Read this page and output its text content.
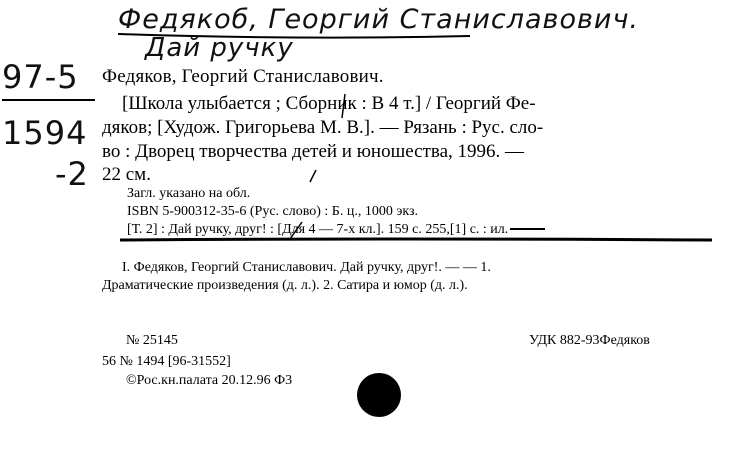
Федякоб, Георгий Станиславович.
Дай ручку
97-5
1594
-2
Федяков, Георгий Станиславович.
[Школа улыбается ; Сборник : В 4 т.] / Георгий Фе-
дяков; [Худож. Григорьева М. В.]. — Рязань : Рус. сло-
во : Дворец творчества детей и юношества, 1996. —
22 см.
Загл. указано на обл.
ISBN 5-900312-35-6 (Рус. слово) : Б. ц., 1000 экз.
[Т. 2] : Дай ручку, друг! : [Для 4 — 7-х кл.]. 159 с. 255,[1] с. : ил.
I. Федяков, Георгий Станиславович. Дай ручку, друг!. — — 1.
Драматические произведения (д. л.). 2. Сатира и юмор (д. л.).
№ 25145	УДК 882-93Федяков
56 № 1494 [96-31552]
©Рос.кн.палата 20.12.96 Ф3
